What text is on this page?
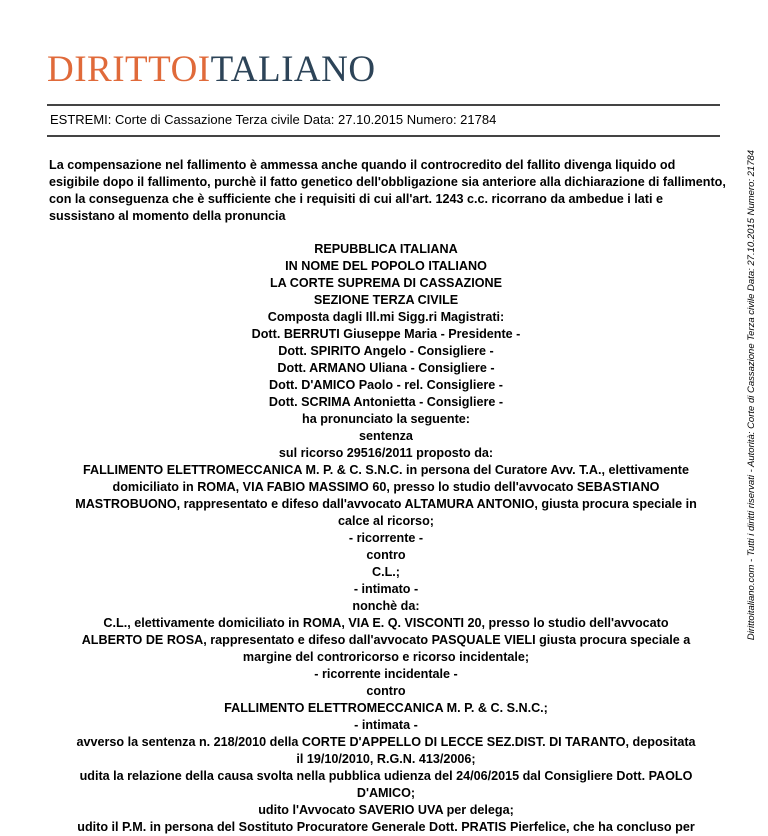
DIRITTOITALIANO
ESTREMI: Corte di Cassazione Terza civile Data: 27.10.2015 Numero: 21784

La compensazione nel fallimento è ammessa anche quando il controcredito del fallito divenga liquido od esigibile dopo il fallimento, purchè il fatto genetico dell'obbligazione sia anteriore alla dichiarazione di fallimento, con la conseguenza che è sufficiente che i requisiti di cui all'art. 1243 c.c. ricorrano da ambedue i lati e sussistano al momento della pronuncia

REPUBBLICA ITALIANA
IN NOME DEL POPOLO ITALIANO
LA CORTE SUPREMA DI CASSAZIONE
SEZIONE TERZA CIVILE
Composta dagli Ill.mi Sigg.ri Magistrati:
Dott. BERRUTI Giuseppe Maria - Presidente -
Dott. SPIRITO Angelo - Consigliere -
Dott. ARMANO Uliana - Consigliere -
Dott. D'AMICO Paolo - rel. Consigliere -
Dott. SCRIMA Antonietta - Consigliere -
ha pronunciato la seguente:
sentenza
sul ricorso 29516/2011 proposto da:
FALLIMENTO ELETTROMECCANICA M. P. & C. S.N.C. in persona del Curatore Avv. T.A., elettivamente
domiciliato in ROMA, VIA FABIO MASSIMO 60, presso lo studio dell'avvocato SEBASTIANO
MASTROBUONO, rappresentato e difeso dall'avvocato ALTAMURA ANTONIO, giusta procura speciale in
calce al ricorso;
- ricorrente -
contro
C.L.;
- intimato -
nonchè da:
C.L., elettivamente domiciliato in ROMA, VIA E. Q. VISCONTI 20, presso lo studio dell'avvocato
ALBERTO DE ROSA, rappresentato e difeso dall'avvocato PASQUALE VIELI giusta procura speciale a
margine del controricorso e ricorso incidentale;
- ricorrente incidentale -
contro
FALLIMENTO ELETTROMECCANICA M. P. & C. S.N.C.;
- intimata -
avverso la sentenza n. 218/2010 della CORTE D'APPELLO DI LECCE SEZ.DIST. DI TARANTO, depositata
il 19/10/2010, R.G.N. 413/2006;
udita la relazione della causa svolta nella pubblica udienza del 24/06/2015 dal Consigliere Dott. PAOLO
D'AMICO;
udito l'Avvocato SAVERIO UVA per delega;
udito il P.M. in persona del Sostituto Procuratore Generale Dott. PRATIS Pierfelice, che ha concluso per
Dirittoitaliano.com - Tutti i diritti riservati - Autorità: Corte di Cassazione Terza civile Data: 27.10.2015 Numero: 21784
